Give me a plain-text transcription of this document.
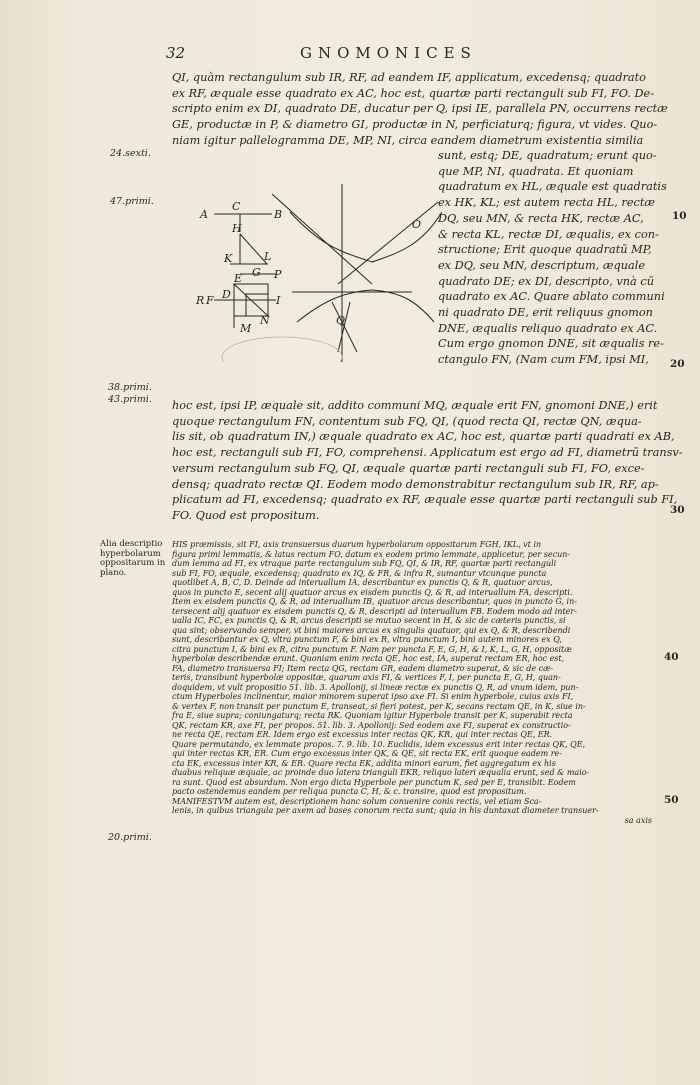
32	GNOMONICES
QI, quàm rectangulum sub IR, RF, ad eandem IF, applicatum, excedensq; quadrato
ex RF, æquale esse quadrato ex AC, hoc est, quartæ parti rectanguli sub FI, FO. De-
scripto enim ex DI, quadrato DE, ducatur per Q, ipsi IE, parallela PN, occurrens rectæ
GE, productæ in P, & diametro GI, productæ in N, perficiaturq; figura, vt vides. Quo-
niam igitur pallelogramma DE, MP, NI, circa eandem diametrum existentia similia
A
C
B
H
K	L
G
E	P
R F D
M
N
I
O
Q
sunt, estq; DE, quadratum; erunt quo-
que MP, NI, quadrata. Et quoniam
quadratum ex HL, æquale est quadratis
ex HK, KL; est autem recta HL, rectæ
DQ, seu MN, & recta HK, rectæ AC,
& recta KL, rectæ DI, æqualis, ex con-
structione; Erit quoque quadratū MP,
ex DQ, seu MN, descriptum, æquale
quadrato DE; ex DI, descripto, vnà cū
quadrato ex AC. Quare ablato communi
ni quadrato DE, erit reliquus gnomon
DNE, æqualis reliquo quadrato ex AC.
Cum ergo gnomon DNE, sit æqualis re-
ctangulo FN, (Nam cum FM, ipsi MI,
hoc est, ipsi IP, æquale sit, addito communi MQ, æquale erit FN, gnomoni DNE,) erit
quoque rectangulum FN, contentum sub FQ, QI, (quod recta QI, rectæ QN, æqua-
lis sit, ob quadratum IN,) æquale quadrato ex AC, hoc est, quartæ parti quadrati ex AB,
hoc est, rectanguli sub FI, FO, comprehensi. Applicatum est ergo ad FI, diametrū transv-
versum rectangulum sub FQ, QI, æquale quartæ parti rectanguli sub FI, FO, exce-
densq; quadrato rectæ QI. Eodem modo demonstrabitur rectangulum sub IR, RF, ap-
plicatum ad FI, excedensq; quadrato ex RF, æquale esse quartæ parti rectanguli sub FI,
FO. Quod est propositum.
HIS præmissis, sit FI, axis transuersus duarum hyperbolarum oppositarum FGH, IKL, vt in
figura primi lemmatis, & latus rectum FO, datum ex eodem primo lemmate, applicetur, per secun-
dum lemma ad FI, ex vtraque parte rectangulum sub FQ, QI, & IR, RF, quartæ parti rectanguli
sub FI, FO, æquale, excedensq; quadrato ex IQ, & FR, & infra R, sumantur vtcunque puncta
quotlibet A, B, C, D. Deinde ad interuallum IA, describantur ex punctis Q, & R, quatuor arcus,
quos in puncto E, secent alij quatuor arcus ex eisdem punctis Q, & R, ad interuallum FA, descripti.
Item ex eisdem punctis Q, & R, ad interuallum IB, quatuor arcus describantur, quos in puncto G, in-
tersecent alij quatuor ex eisdem punctis Q, & R, descripti ad interuallum FB. Eodem modo ad inter-
ualla IC, FC, ex punctis Q, & R, arcus descripti se mutuo secent in H, & sic de cæteris punctis, si
qua sint; observando semper, vt bini maiores arcus ex singulis quatuor, qui ex Q, & R, describendi
sunt, describantur ex Q, vltra punctum F, & bini ex R, vltra punctum I, bini autem minores ex Q,
citra punctum I, & bini ex R, citra punctum F. Nam per puncta F, E, G, H, & I, K, L, G, H, oppositæ
hyperbolæ describendæ erunt. Quoniam enim recta QE, hoc est, IA, superat rectam ER, hoc est,
FA, diametro transuersa FI; Item recta QG, rectam GR, eadem diametro superat, & sic de cæ-
teris, transibunt hyperbolæ oppositæ, quarum axis FI, & vertices F, I, per puncta E, G, H, quan-
doquidem, vt vult propositio 51. lib. 3. Apollonij, si lineæ rectæ ex punctis Q, R, ad vnum idem, pun-
ctum Hyperboles inclinentur, maior minorem superat ipso axe FI. Si enim hyperbole, cuius axis FI,
& vertex F, non transit per punctum E, transeat, si fieri potest, per K, secans rectam QE, in K, siue in-
fra E, siue supra; coniungaturq; recta RK. Quoniam igitur Hyperbole transit per K, superabit recta
QK, rectam KR, axe FI, per propos. 51. lib. 3. Apollonij: Sed eodem axe FI, superat ex constructio-
ne recta QE, rectam ER. Idem ergo est excessus inter rectas QK, KR, qui inter rectas QE, ER.
Quare permutando, ex lemmate propos. 7. 9. lib. 10. Euclidis, idem excessus erit inter rectas QK, QE,
qui inter rectas KR, ER. Cum ergo excessus inter QK, & QE, sit recta EK, erit quoque eadem re-
cta EK, excessus inter KR, & ER. Quare recta EK, addita minori earum, fiet aggregatum ex his
duabus reliquæ æquale, ac proinde duo latera trianguli EKR, reliquo lateri æqualia erunt, sed & maio-
ra sunt. Quod est absurdum. Non ergo dicta Hyperbole per punctum K, sed per E, transibit. Eodem
pacto ostendemus eandem per reliqua puncta C, H, & c. transire, quod est propositum.
MANIFESTVM autem est, descriptionem hanc solum conuenire conis rectis, vel etiam Sca-
lenis, in quibus triangula per axem ad bases conorum recta sunt; quia in his duntaxat diameter transuer-
sa axis
24.sexti.
47.primi.
38.primi.
43.primi.
Alia descriptio
hyperbolarum
oppositarum in
plano.
20.primi.
10
20
30
40
50
